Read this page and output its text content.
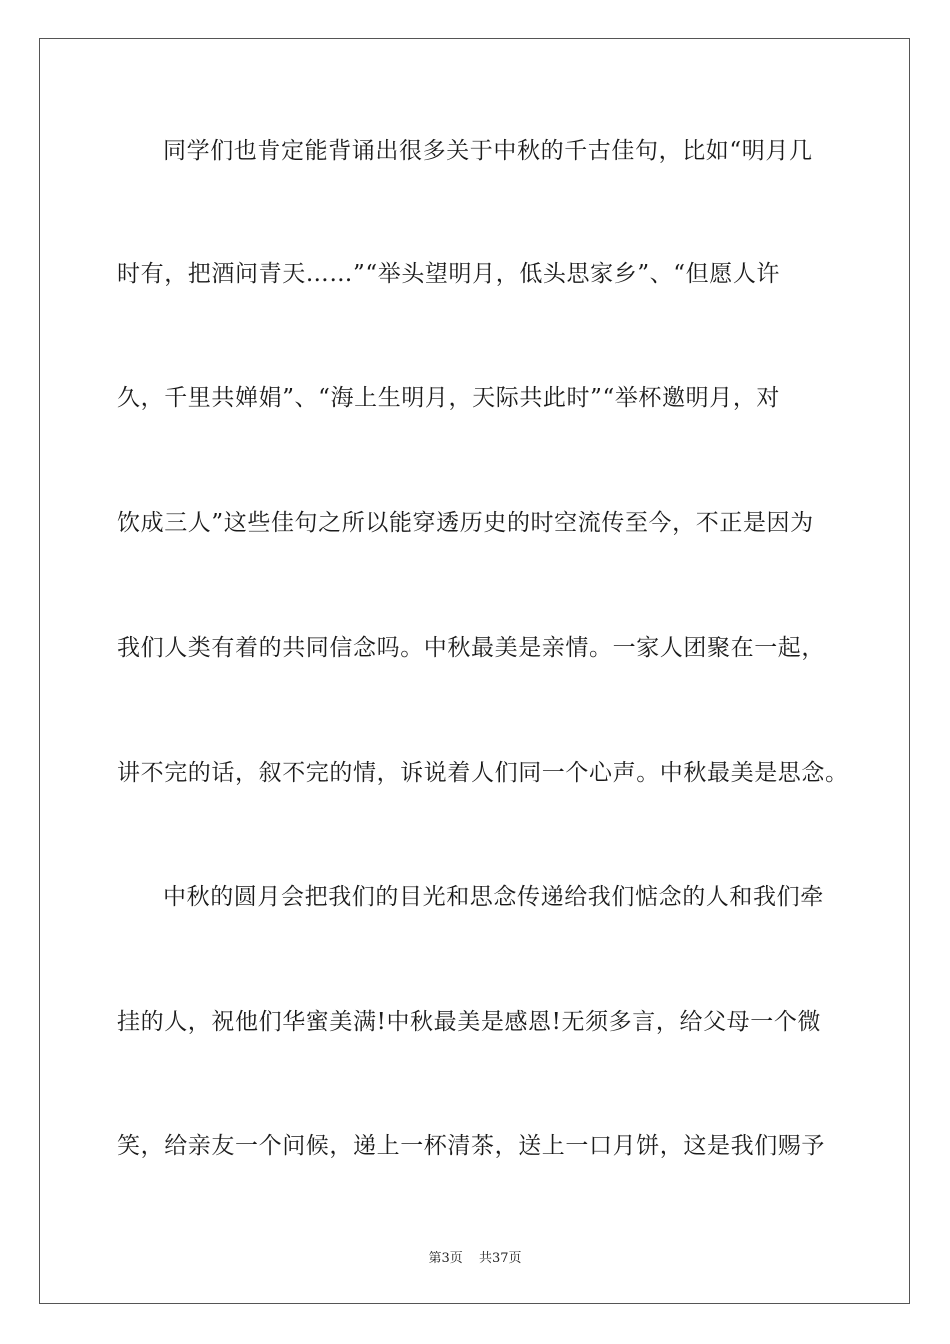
同学们也肯定能背诵出很多关于中秋的千古佳句，比如“明月几
时有，把酒问青天……”“举头望明月，低头思家乡”、“但愿人许
久，千里共婵娟”、“海上生明月，天际共此时”“举杯邀明月，对
饮成三人”这些佳句之所以能穿透历史的时空流传至今，不正是因为
我们人类有着的共同信念吗。中秋最美是亲情。一家人团聚在一起，
讲不完的话，叙不完的情，诉说着人们同一个心声。中秋最美是思念。
中秋的圆月会把我们的目光和思念传递给我们惦念的人和我们牵
挂的人，祝他们华蜜美满!中秋最美是感恩!无须多言，给父母一个微
笑，给亲友一个问候，递上一杯清茶，送上一口月饼，这是我们赐予
第3页 共37页
